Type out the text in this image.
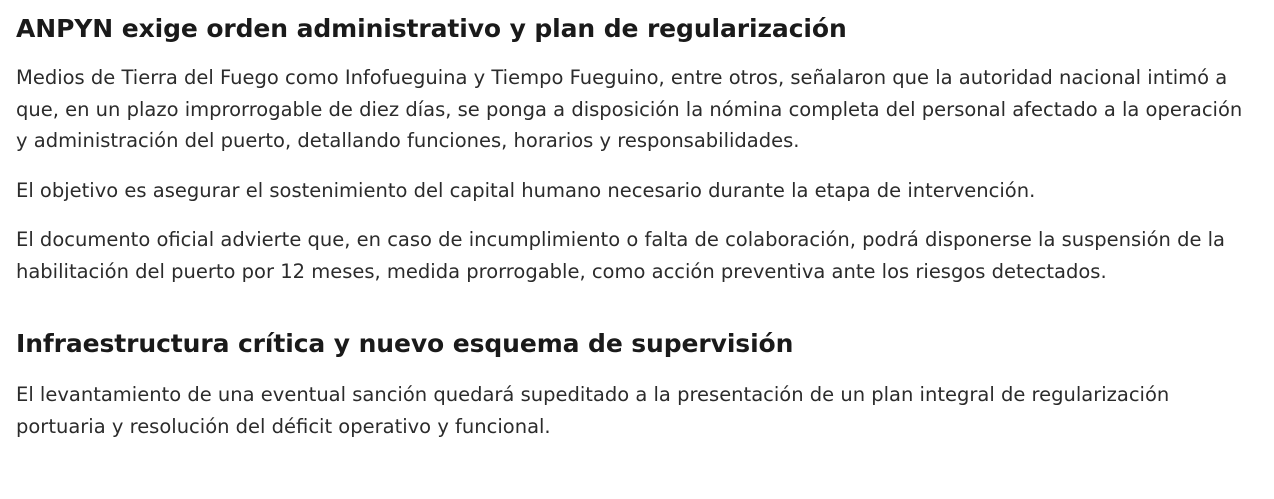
ANPYN exige orden administrativo y plan de regularización

Medios de Tierra del Fuego como Infofueguina y Tiempo Fueguino, entre otros, señalaron que la autoridad nacional intimó a que, en un plazo improrrogable de diez días, se ponga a disposición la nómina completa del personal afectado a la operación y administración del puerto, detallando funciones, horarios y responsabilidades.

El objetivo es asegurar el sostenimiento del capital humano necesario durante la etapa de intervención.

El documento oficial advierte que, en caso de incumplimiento o falta de colaboración, podrá disponerse la suspensión de la habilitación del puerto por 12 meses, medida prorrogable, como acción preventiva ante los riesgos detectados.

Infraestructura crítica y nuevo esquema de supervisión

El levantamiento de una eventual sanción quedará supeditado a la presentación de un plan integral de regularización portuaria y resolución del déficit operativo y funcional.
